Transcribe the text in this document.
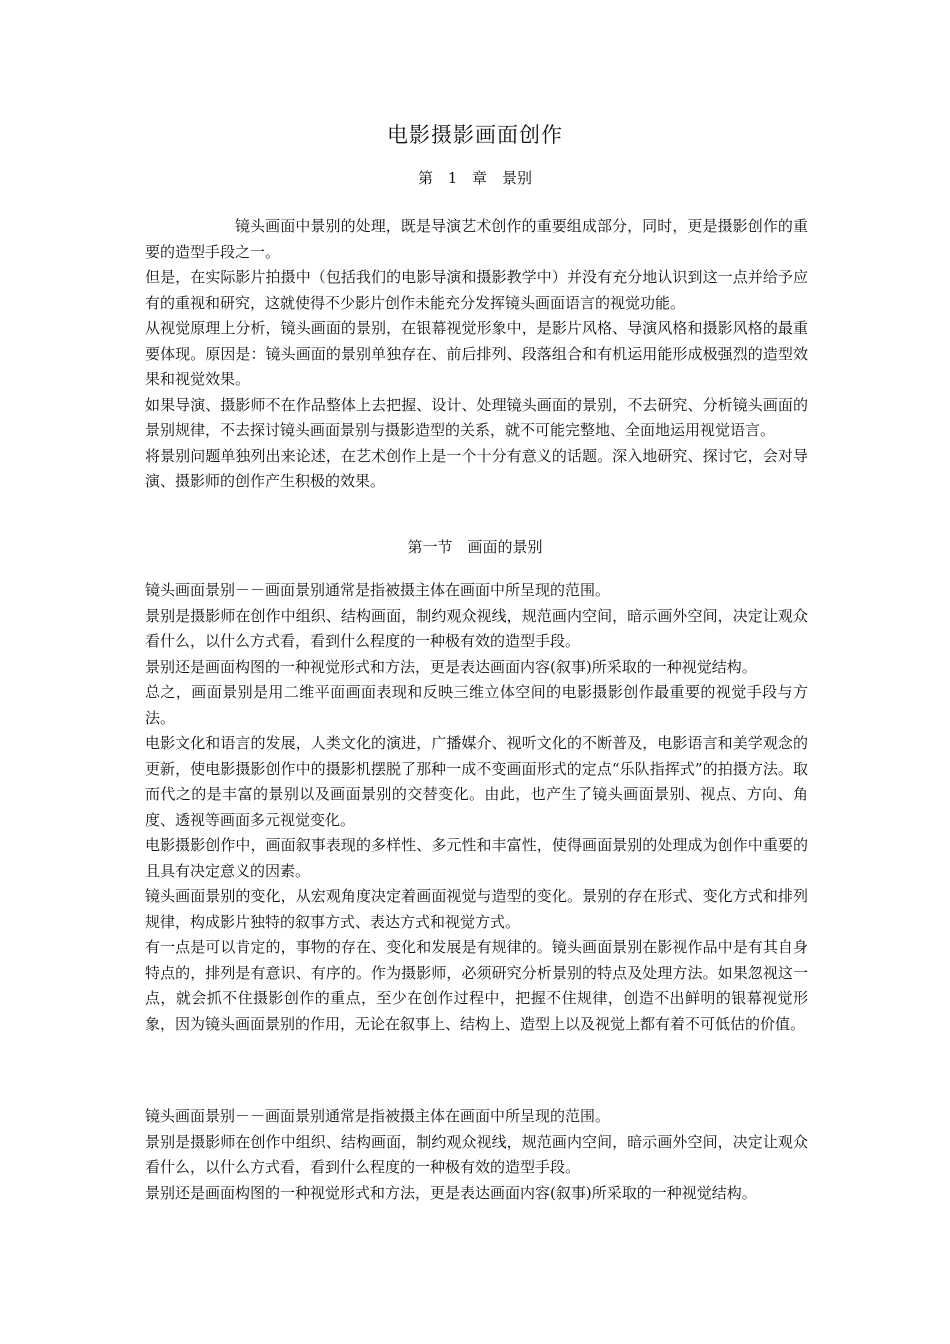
电影摄影画面创作
第 1 章　景别

镜头画面中景别的处理，既是导演艺术创作的重要组成部分，同时，更是摄影创作的重要的造型手段之一。

但是，在实际影片拍摄中（包括我们的电影导演和摄影教学中）并没有充分地认识到这一点并给予应有的重视和研究，这就使得不少影片创作未能充分发挥镜头画面语言的视觉功能。

从视觉原理上分析，镜头画面的景别，在银幕视觉形象中，是影片风格、导演风格和摄影风格的最重要体现。原因是：镜头画面的景别单独存在、前后排列、段落组合和有机运用能形成极强烈的造型效果和视觉效果。

如果导演、摄影师不在作品整体上去把握、设计、处理镜头画面的景别，不去研究、分析镜头画面的景别规律，不去探讨镜头画面景别与摄影造型的关系，就不可能完整地、全面地运用视觉语言。

将景别问题单独列出来论述，在艺术创作上是一个十分有意义的话题。深入地研究、探讨它，会对导演、摄影师的创作产生积极的效果。

第一节　画面的景别

镜头画面景别－－画面景别通常是指被摄主体在画面中所呈现的范围。

景别是摄影师在创作中组织、结构画面，制约观众视线，规范画内空间，暗示画外空间，决定让观众看什么，以什么方式看，看到什么程度的一种极有效的造型手段。

景别还是画面构图的一种视觉形式和方法，更是表达画面内容(叙事)所采取的一种视觉结构。

总之，画面景别是用二维平面画面表现和反映三维立体空间的电影摄影创作最重要的视觉手段与方法。

电影文化和语言的发展，人类文化的演进，广播媒介、视听文化的不断普及，电影语言和美学观念的更新，使电影摄影创作中的摄影机摆脱了那种一成不变画面形式的定点“乐队指挥式”的拍摄方法。取而代之的是丰富的景别以及画面景别的交替变化。由此，也产生了镜头画面景别、视点、方向、角度、透视等画面多元视觉变化。

电影摄影创作中，画面叙事表现的多样性、多元性和丰富性，使得画面景别的处理成为创作中重要的且具有决定意义的因素。

镜头画面景别的变化，从宏观角度决定着画面视觉与造型的变化。景别的存在形式、变化方式和排列规律，构成影片独特的叙事方式、表达方式和视觉方式。

有一点是可以肯定的，事物的存在、变化和发展是有规律的。镜头画面景别在影视作品中是有其自身特点的，排列是有意识、有序的。作为摄影师，必须研究分析景别的特点及处理方法。如果忽视这一点，就会抓不住摄影创作的重点，至少在创作过程中，把握不住规律，创造不出鲜明的银幕视觉形象，因为镜头画面景别的作用，无论在叙事上、结构上、造型上以及视觉上都有着不可低估的价值。

镜头画面景别－－画面景别通常是指被摄主体在画面中所呈现的范围。

景别是摄影师在创作中组织、结构画面，制约观众视线，规范画内空间，暗示画外空间，决定让观众看什么，以什么方式看，看到什么程度的一种极有效的造型手段。

景别还是画面构图的一种视觉形式和方法，更是表达画面内容(叙事)所采取的一种视觉结构。
